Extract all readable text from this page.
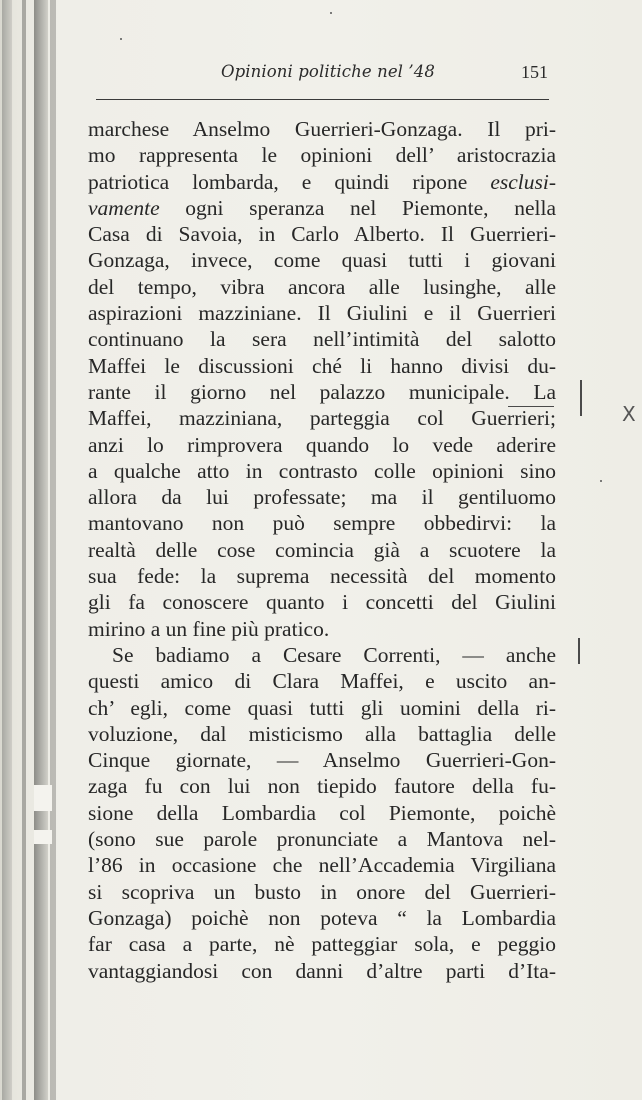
Opinioni politiche nel ’48	151
marchese Anselmo Guerrieri-Gonzaga. Il pri-
mo rappresenta le opinioni dell’ aristocrazia
patriotica lombarda, e quindi ripone esclusi-
vamente ogni speranza nel Piemonte, nella
Casa di Savoia, in Carlo Alberto. Il Guerrieri-
Gonzaga, invece, come quasi tutti i giovani
del tempo, vibra ancora alle lusinghe, alle
aspirazioni mazziniane. Il Giulini e il Guerrieri
continuano la sera nell’intimità del salotto
Maffei le discussioni ché li hanno divisi du-
rante il giorno nel palazzo municipale. La
Maffei, mazziniana, parteggia col Guerrieri;
anzi lo rimprovera quando lo vede aderire
a qualche atto in contrasto colle opinioni sino
allora da lui professate; ma il gentiluomo
mantovano non può sempre obbedirvi: la
realtà delle cose comincia già a scuotere la
sua fede: la suprema necessità del momento
gli fa conoscere quanto i concetti del Giulini
mirino a un fine più pratico.
Se badiamo a Cesare Correnti, — anche
questi amico di Clara Maffei, e uscito an-
ch’ egli, come quasi tutti gli uomini della ri-
voluzione, dal misticismo alla battaglia delle
Cinque giornate, — Anselmo Guerrieri-Gon-
zaga fu con lui non tiepido fautore della fu-
sione della Lombardia col Piemonte, poichè
(sono sue parole pronunciate a Mantova nel-
l’86 in occasione che nell’Accademia Virgiliana
si scopriva un busto in onore del Guerrieri-
Gonzaga) poichè non poteva “ la Lombardia
far casa a parte, nè patteggiar sola, e peggio
vantaggiandosi con danni d’altre parti d’Ita-
X
